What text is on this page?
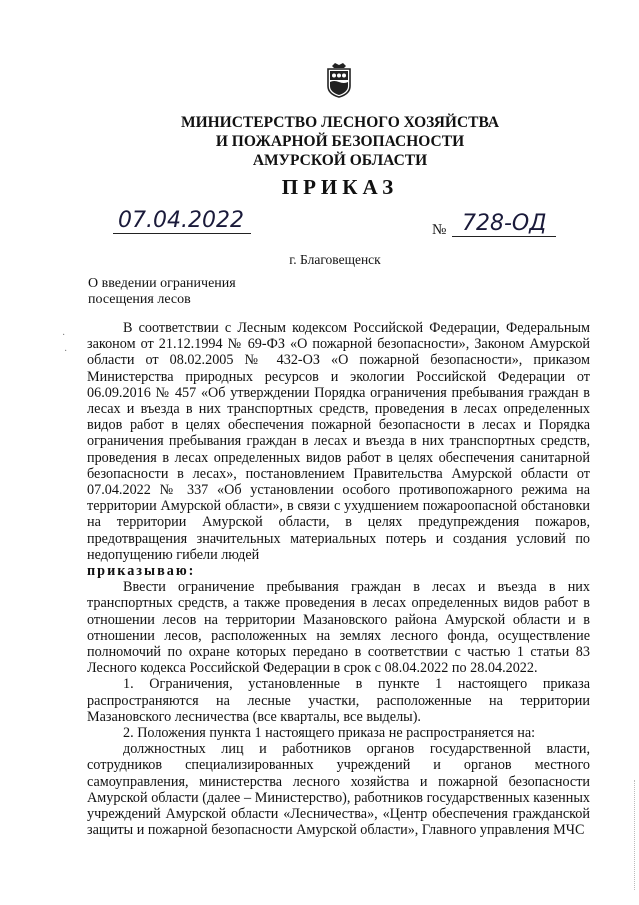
МИНИСТЕРСТВО ЛЕСНОГО ХОЗЯЙСТВА
И ПОЖАРНОЙ БЕЗОПАСНОСТИ
АМУРСКОЙ ОБЛАСТИ
ПРИКАЗ
07.04.2022	№ 728-ОД
г. Благовещенск
О введении ограничения
посещения лесов
·
·

В соответствии с Лесным кодексом Российской Федерации, Федеральным законом от 21.12.1994 № 69-ФЗ «О пожарной безопасности», Законом Амурской области от 08.02.2005 № 432-ОЗ «О пожарной безопасности», приказом Министерства природных ресурсов и экологии Российской Федерации от 06.09.2016 № 457 «Об утверждении Порядка ограничения пребывания граждан в лесах и въезда в них транспортных средств, проведения в лесах определенных видов работ в целях обеспечения пожарной безопасности в лесах и Порядка ограничения пребывания граждан в лесах и въезда в них транспортных средств, проведения в лесах определенных видов работ в целях обеспечения санитарной безопасности в лесах», постановлением Правительства Амурской области от 07.04.2022 № 337 «Об установлении особого противопожарного режима на территории Амурской области», в связи с ухудшением пожароопасной обстановки на территории Амурской области, в целях предупреждения пожаров, предотвращения значительных материальных потерь и создания условий по недопущению гибели людей

приказываю:

Ввести ограничение пребывания граждан в лесах и въезда в них транспортных средств, а также проведения в лесах определенных видов работ в отношении лесов на территории Мазановского района Амурской области и в отношении лесов, расположенных на землях лесного фонда, осуществление полномочий по охране которых передано в соответствии с частью 1 статьи 83 Лесного кодекса Российской Федерации в срок с 08.04.2022 по 28.04.2022.

1. Ограничения, установленные в пункте 1 настоящего приказа распространяются на лесные участки, расположенные на территории Мазановского лесничества (все кварталы, все выделы).

2. Положения пункта 1 настоящего приказа не распространяется на:

должностных лиц и работников органов государственной власти, сотрудников специализированных учреждений и органов местного самоуправления, министерства лесного хозяйства и пожарной безопасности Амурской области (далее – Министерство), работников государственных казенных учреждений Амурской области «Лесничества», «Центр обеспечения гражданской защиты и пожарной безопасности Амурской области», Главного управления МЧС
